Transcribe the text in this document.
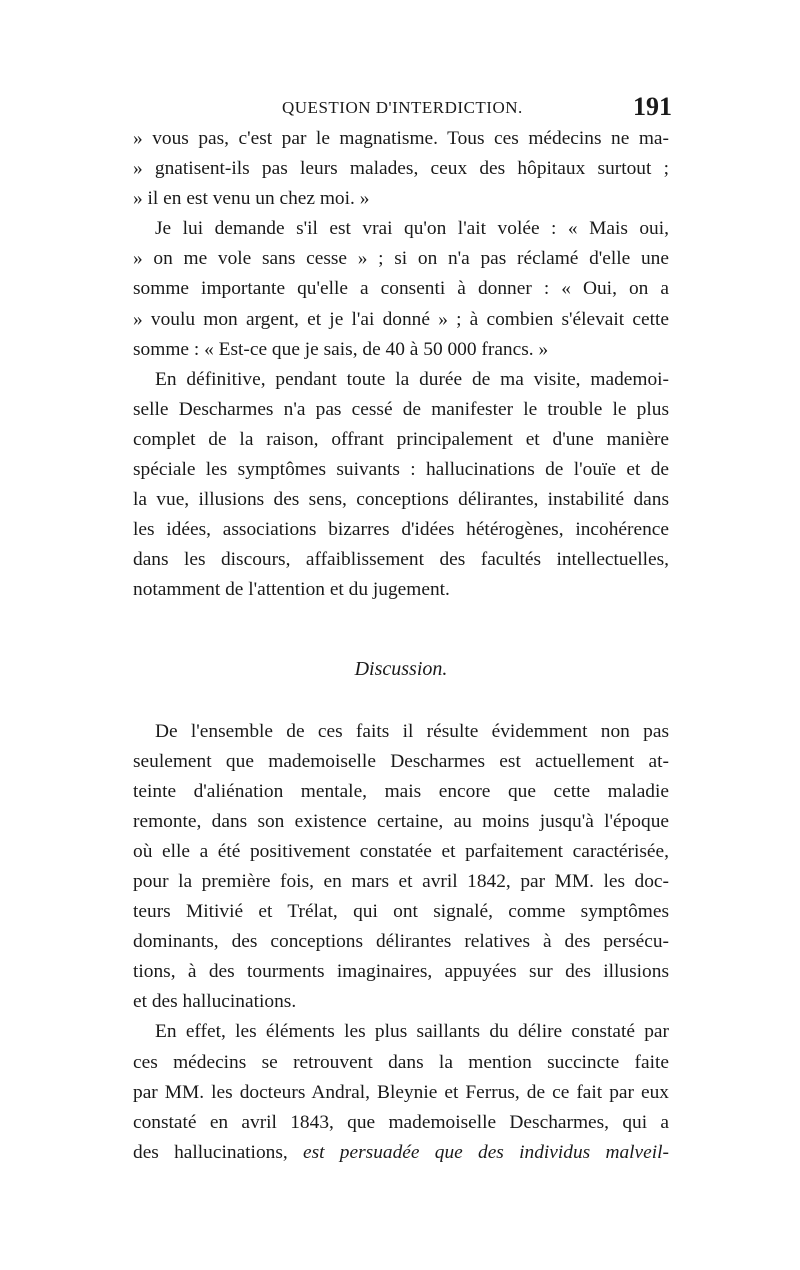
QUESTION D'INTERDICTION.	191
» vous pas, c'est par le magnatisme. Tous ces médecins ne ma-
» gnatisent-ils pas leurs malades, ceux des hôpitaux surtout ;
» il en est venu un chez moi. »
Je lui demande s'il est vrai qu'on l'ait volée : « Mais oui,
» on me vole sans cesse » ; si on n'a pas réclamé d'elle une
somme importante qu'elle a consenti à donner : « Oui, on a
» voulu mon argent, et je l'ai donné » ; à combien s'élevait cette
somme : « Est-ce que je sais, de 40 à 50 000 francs. »
En définitive, pendant toute la durée de ma visite, mademoi-
selle Descharmes n'a pas cessé de manifester le trouble le plus
complet de la raison, offrant principalement et d'une manière
spéciale les symptômes suivants : hallucinations de l'ouïe et de
la vue, illusions des sens, conceptions délirantes, instabilité dans
les idées, associations bizarres d'idées hétérogènes, incohérence
dans les discours, affaiblissement des facultés intellectuelles,
notamment de l'attention et du jugement.
Discussion.
De l'ensemble de ces faits il résulte évidemment non pas
seulement que mademoiselle Descharmes est actuellement at-
teinte d'aliénation mentale, mais encore que cette maladie
remonte, dans son existence certaine, au moins jusqu'à l'époque
où elle a été positivement constatée et parfaitement caractérisée,
pour la première fois, en mars et avril 1842, par MM. les doc-
teurs Mitivié et Trélat, qui ont signalé, comme symptômes
dominants, des conceptions délirantes relatives à des persécu-
tions, à des tourments imaginaires, appuyées sur des illusions
et des hallucinations.
En effet, les éléments les plus saillants du délire constaté par
ces médecins se retrouvent dans la mention succincte faite
par MM. les docteurs Andral, Bleynie et Ferrus, de ce fait par eux
constaté en avril 1843, que mademoiselle Descharmes, qui a
des hallucinations, est persuadée que des individus malveil-
